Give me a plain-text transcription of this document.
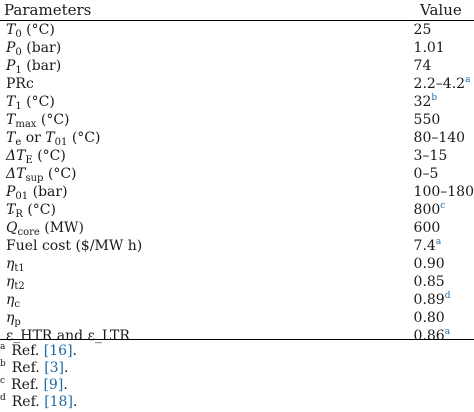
Parameters	Value
$T_0$ (°C)	25
$P_0$ (bar)	1.01
$P_1$ (bar)	74
PRc	2.2–4.2$^a$
$T_1$ (°C)	32$^b$
$T_{max}$ (°C)	550
$T_e$ or $T_{01}$ (°C)	80–140
$\Delta T_E$ (°C)	3–15
$\Delta T_{sup}$ (°C)	0–5
$P_{01}$ (bar)	100–180
$T_R$ (°C)	800$^c$
Q $˙_{core}$ (MW)	600
Fuel cost ($/MW h)	7.4$^a$
$\eta_{t1}$	0.90
$\eta_{t2}$	0.85
$\eta_c$	0.89$^d$
$\eta_p$	0.80
ε_HTR and ε_LTR	0.86$^a$
$^a$ Ref. [16].
$^b$ Ref. [3].
$^c$ Ref. [9].
$^d$ Ref. [18].
